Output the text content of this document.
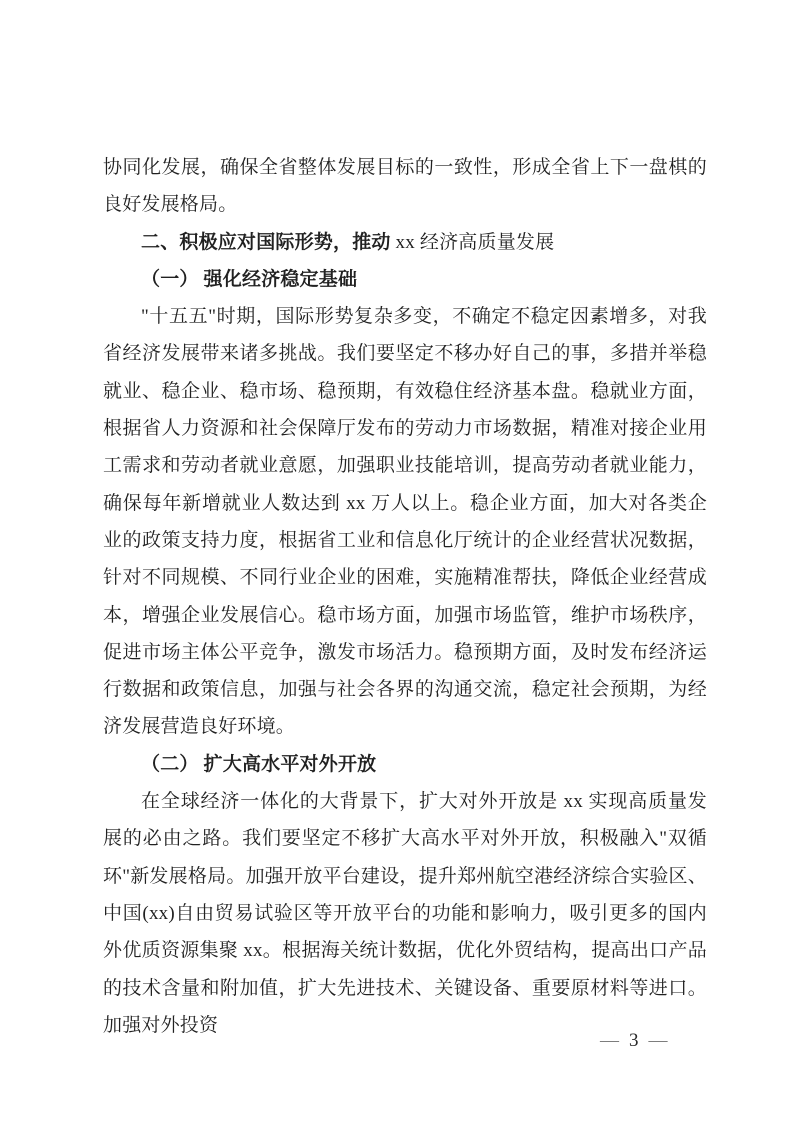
协同化发展，确保全省整体发展目标的一致性，形成全省上下一盘棋的良好发展格局。

二、积极应对国际形势，推动 xx 经济高质量发展
（一） 强化经济稳定基础

"十五五"时期，国际形势复杂多变，不确定不稳定因素增多，对我省经济发展带来诸多挑战。我们要坚定不移办好自己的事，多措并举稳就业、稳企业、稳市场、稳预期，有效稳住经济基本盘。稳就业方面，根据省人力资源和社会保障厅发布的劳动力市场数据，精准对接企业用工需求和劳动者就业意愿，加强职业技能培训，提高劳动者就业能力，确保每年新增就业人数达到 xx 万人以上。稳企业方面，加大对各类企业的政策支持力度，根据省工业和信息化厅统计的企业经营状况数据，针对不同规模、不同行业企业的困难，实施精准帮扶，降低企业经营成本，增强企业发展信心。稳市场方面，加强市场监管，维护市场秩序，促进市场主体公平竞争，激发市场活力。稳预期方面，及时发布经济运行数据和政策信息，加强与社会各界的沟通交流，稳定社会预期，为经济发展营造良好环境。

（二） 扩大高水平对外开放

在全球经济一体化的大背景下，扩大对外开放是 xx 实现高质量发展的必由之路。我们要坚定不移扩大高水平对外开放，积极融入"双循环"新发展格局。加强开放平台建设，提升郑州航空港经济综合实验区、中国(xx)自由贸易试验区等开放平台的功能和影响力，吸引更多的国内外优质资源集聚 xx。根据海关统计数据，优化外贸结构，提高出口产品的技术含量和附加值，扩大先进技术、关键设备、重要原材料等进口。加强对外投资

— 3 —
